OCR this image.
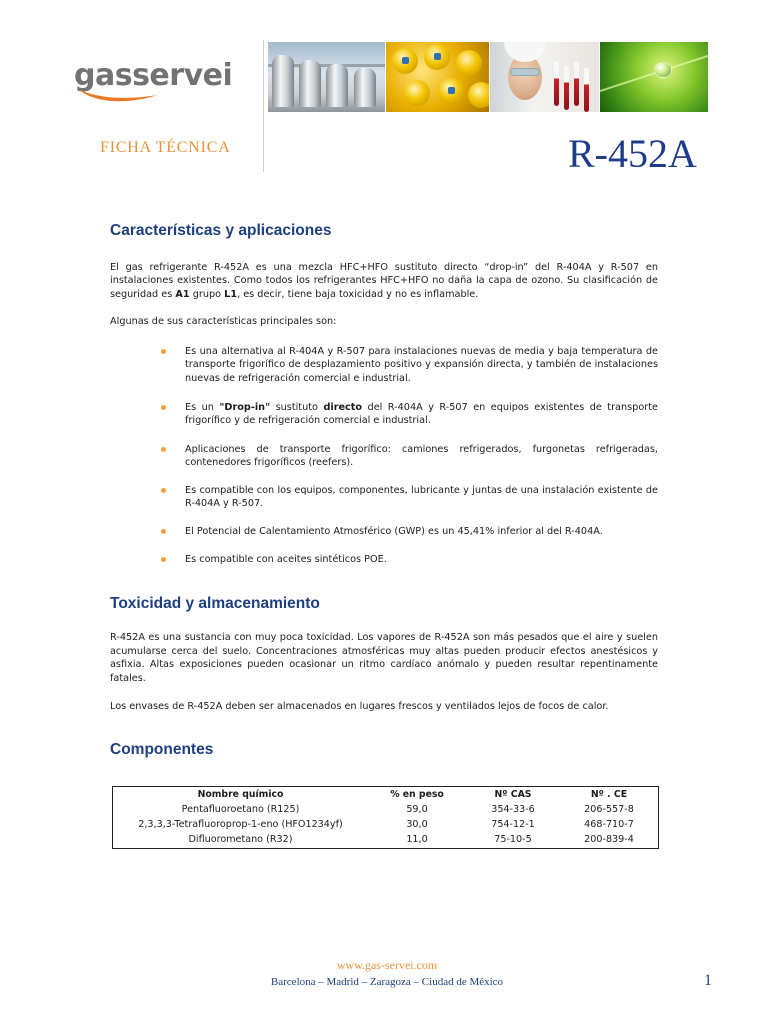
gasservei
FICHA TÉCNICA	R-452A
Características y aplicaciones
El gas refrigerante R-452A es una mezcla HFC+HFO sustituto directo “drop-in” del R-404A y R-507 en instalaciones existentes. Como todos los refrigerantes HFC+HFO no daña la capa de ozono. Su clasificación de seguridad es A1 grupo L1, es decir, tiene baja toxicidad y no es inflamable.
Algunas de sus características principales son:
Es una alternativa al R-404A y R-507 para instalaciones nuevas de media y baja temperatura de transporte frigorífico de desplazamiento positivo y expansión directa, y también de instalaciones nuevas de refrigeración comercial e industrial.
Es un "Drop-in" sustituto directo del R-404A y R-507 en equipos existentes de transporte frigorífico y de refrigeración comercial e industrial.
Aplicaciones de transporte frigorífico: camiones refrigerados, furgonetas refrigeradas, contenedores frigoríficos (reefers).
Es compatible con los equipos, componentes, lubricante y juntas de una instalación existente de R-404A y R-507.
El Potencial de Calentamiento Atmosférico (GWP) es un 45,41% inferior al del R-404A.
Es compatible con aceites sintéticos POE.
Toxicidad y almacenamiento
R-452A es una sustancia con muy poca toxicidad. Los vapores de R-452A son más pesados que el aire y suelen acumularse cerca del suelo. Concentraciones atmosféricas muy altas pueden producir efectos anestésicos y asfixia. Altas exposiciones pueden ocasionar un ritmo cardíaco anómalo y pueden resultar repentinamente fatales.
Los envases de R-452A deben ser almacenados en lugares frescos y ventilados lejos de focos de calor.
Componentes
Nombre químico	% en peso	Nº CAS	Nº . CE
Pentafluoroetano (R125)	59,0	354-33-6	206-557-8
2,3,3,3-Tetrafluoroprop-1-eno (HFO1234yf)	30,0	754-12-1	468-710-7
Difluorometano (R32)	11,0	75-10-5	200-839-4
www.gas-servei.com
Barcelona – Madrid – Zaragoza – Ciudad de México	1
